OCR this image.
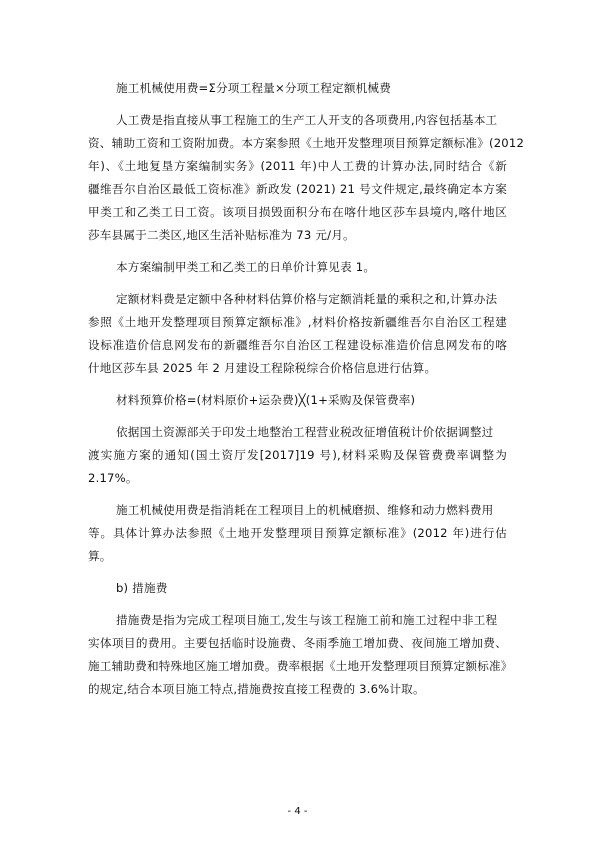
施工机械使用费=Σ分项工程量×分项工程定额机械费
人工费是指直接从事工程施工的生产工人开支的各项费用,内容包括基本工
资、辅助工资和工资附加费。本方案参照《土地开发整理项目预算定额标准》(2012
年)、《土地复垦方案编制实务》(2011 年)中人工费的计算办法,同时结合《新
疆维吾尔自治区最低工资标准》新政发 (2021) 21 号文件规定,最终确定本方案
甲类工和乙类工日工资。该项目损毁面积分布在喀什地区莎车县境内,喀什地区
莎车县属于二类区,地区生活补贴标准为 73 元/月。
本方案编制甲类工和乙类工的日单价计算见表 1。
定额材料费是定额中各种材料估算价格与定额消耗量的乘积之和,计算办法
参照《土地开发整理项目预算定额标准》,材料价格按新疆维吾尔自治区工程建
设标准造价信息网发布的新疆维吾尔自治区工程建设标准造价信息网发布的喀
什地区莎车县 2025 年 2 月建设工程除税综合价格信息进行估算。
材料预算价格=(材料原价+运杂费)╳(1+采购及保管费率)
依据国土资源部关于印发土地整治工程营业税改征增值税计价依据调整过
渡实施方案的通知(国土资厅发[2017]19 号),材料采购及保管费费率调整为
2.17%。
施工机械使用费是指消耗在工程项目上的机械磨损、维修和动力燃料费用
等。具体计算办法参照《土地开发整理项目预算定额标准》(2012 年)进行估
算。
b) 措施费
措施费是指为完成工程项目施工,发生与该工程施工前和施工过程中非工程
实体项目的费用。主要包括临时设施费、冬雨季施工增加费、夜间施工增加费、
施工辅助费和特殊地区施工增加费。费率根据《土地开发整理项目预算定额标准》
的规定,结合本项目施工特点,措施费按直接工程费的 3.6%计取。
- 4 -
